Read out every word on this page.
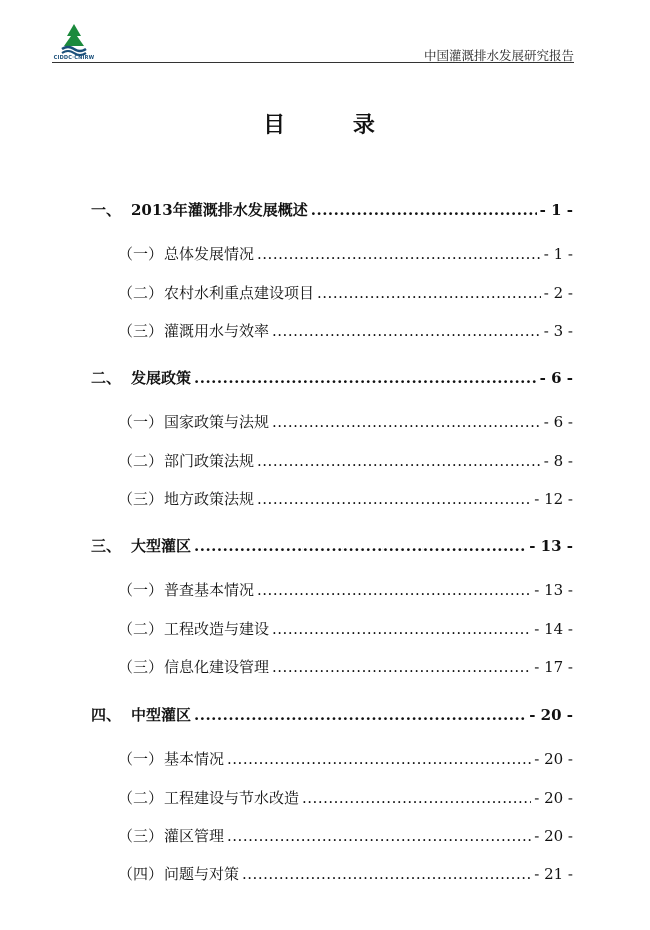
CIDDC·CNIRW	中国灌溉排水发展研究报告
目 录
一、 2013年灌溉排水发展概述 .....	- 1 -
（一） 总体发展情况 .....	- 1 -
（二） 农村水利重点建设项目 .....	- 2 -
（三） 灌溉用水与效率 .....	- 3 -
二、 发展政策 .....	- 6 -
（一） 国家政策与法规 .....	- 6 -
（二） 部门政策法规 .....	- 8 -
（三） 地方政策法规 .....	- 12 -
三、 大型灌区 .....	- 13 -
（一） 普查基本情况 .....	- 13 -
（二） 工程改造与建设 .....	- 14 -
（三） 信息化建设管理 .....	- 17 -
四、 中型灌区 .....	- 20 -
（一） 基本情况 .....	- 20 -
（二） 工程建设与节水改造 .....	- 20 -
（三） 灌区管理 .....	- 20 -
（四） 问题与对策 .....	- 21 -
